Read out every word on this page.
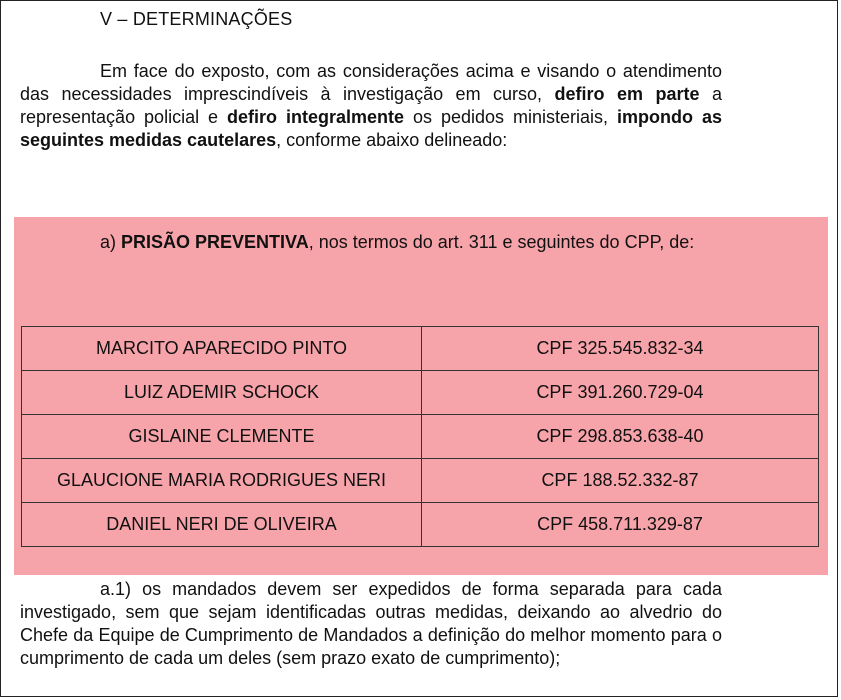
V – DETERMINAÇÕES

Em face do exposto, com as considerações acima e visando o atendimento das necessidades imprescindíveis à investigação em curso, defiro em parte a representação policial e defiro integralmente os pedidos ministeriais, impondo as seguintes medidas cautelares, conforme abaixo delineado:

a) PRISÃO PREVENTIVA, nos termos do art. 311 e seguintes do CPP, de:

MARCITO APARECIDO PINTO	CPF 325.545.832-34
LUIZ ADEMIR SCHOCK	CPF 391.260.729-04
GISLAINE CLEMENTE	CPF 298.853.638-40
GLAUCIONE MARIA RODRIGUES NERI	CPF 188.52.332-87
DANIEL NERI DE OLIVEIRA	CPF 458.711.329-87

a.1) os mandados devem ser expedidos de forma separada para cada investigado, sem que sejam identificadas outras medidas, deixando ao alvedrio do Chefe da Equipe de Cumprimento de Mandados a definição do melhor momento para o cumprimento de cada um deles (sem prazo exato de cumprimento);
